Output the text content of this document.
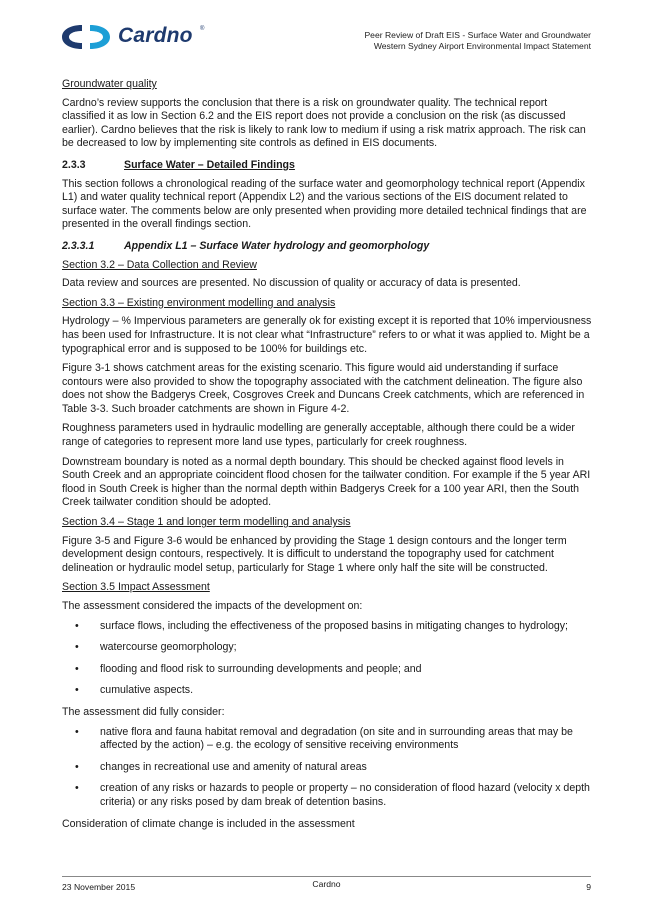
Cardno ®
Peer Review of Draft EIS - Surface Water and Groundwater
Western Sydney Airport Environmental Impact Statement
Groundwater quality

Cardno’s review supports the conclusion that there is a risk on groundwater quality. The technical report classified it as low in Section 6.2 and the EIS report does not provide a conclusion on the risk (as discussed earlier). Cardno believes that the risk is likely to rank low to medium if using a risk matrix approach. The risk can be decreased to low by implementing site controls as defined in EIS documents.

2.3.3	Surface Water – Detailed Findings

This section follows a chronological reading of the surface water and geomorphology technical report (Appendix L1) and water quality technical report (Appendix L2) and the various sections of the EIS document related to surface water. The comments below are only presented when providing more detailed technical findings that are presented in the overall findings section.

2.3.3.1	Appendix L1 – Surface Water hydrology and geomorphology
Section 3.2 – Data Collection and Review

Data review and sources are presented. No discussion of quality or accuracy of data is presented.

Section 3.3 – Existing environment modelling and analysis

Hydrology – % Impervious parameters are generally ok for existing except it is reported that 10% imperviousness has been used for Infrastructure. It is not clear what “Infrastructure” refers to or what it was applied to. Might be a typographical error and is supposed to be 100% for buildings etc.

Figure 3-1 shows catchment areas for the existing scenario. This figure would aid understanding if surface contours were also provided to show the topography associated with the catchment delineation. The figure also does not show the Badgerys Creek, Cosgroves Creek and Duncans Creek catchments, which are referenced in Table 3-3. Such broader catchments are shown in Figure 4-2.

Roughness parameters used in hydraulic modelling are generally acceptable, although there could be a wider range of categories to represent more land use types, particularly for creek roughness.

Downstream boundary is noted as a normal depth boundary. This should be checked against flood levels in South Creek and an appropriate coincident flood chosen for the tailwater condition. For example if the 5 year ARI flood in South Creek is higher than the normal depth within Badgerys Creek for a 100 year ARI, then the South Creek tailwater condition should be adopted.

Section 3.4 – Stage 1 and longer term modelling and analysis

Figure 3-5 and Figure 3-6 would be enhanced by providing the Stage 1 design contours and the longer term development design contours, respectively. It is difficult to understand the topography used for catchment delineation or hydraulic model setup, particularly for Stage 1 where only half the site will be constructed.

Section 3.5 Impact Assessment

The assessment considered the impacts of the development on:

• surface flows, including the effectiveness of the proposed basins in mitigating changes to hydrology;
• watercourse geomorphology;
• flooding and flood risk to surrounding developments and people; and
• cumulative aspects.

The assessment did fully consider:

• native flora and fauna habitat removal and degradation (on site and in surrounding areas that may be affected by the action) – e.g. the ecology of sensitive receiving environments
• changes in recreational use and amenity of natural areas
• creation of any risks or hazards to people or property – no consideration of flood hazard (velocity x depth criteria) or any risks posed by dam break of detention basins.

Consideration of climate change is included in the assessment

23 November 2015	Cardno	9
